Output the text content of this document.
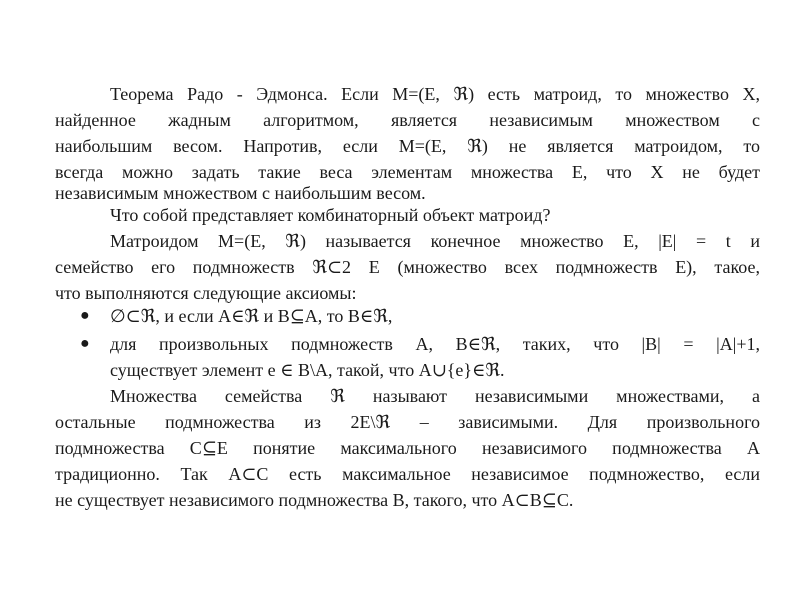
Теорема Радо - Эдмонса. Если M=(E, ℜ) есть матроид, то множество X,
найденное жадным алгоритмом, является независимым множеством с
наибольшим весом. Напротив, если M=(E, ℜ) не является матроидом, то
всегда можно задать такие веса элементам множества E, что X не будет
независимым множеством с наибольшим весом.
Что собой представляет комбинаторный объект матроид?
Матроидом M=(E, ℜ) называется конечное множество E, |E| = t и
семейство его подмножеств ℜ⊂2 E (множество всех подмножеств E), такое,
что выполняются следующие аксиомы:
● ∅⊂ℜ, и если A∈ℜ и B⊆A, то B∈ℜ,
● для произвольных подмножеств A, B∈ℜ, таких, что |B| = |A|+1,
существует элемент e ∈ B\A, такой, что A∪{e}∈ℜ.
Множества семейства ℜ называют независимыми множествами, а
остальные подмножества из 2E\ℜ – зависимыми. Для произвольного
подмножества C⊆E понятие максимального независимого подмножества А
традиционно. Так A⊂C есть максимальное независимое подмножество, если
не существует независимого подмножества B, такого, что A⊂B⊆C.
